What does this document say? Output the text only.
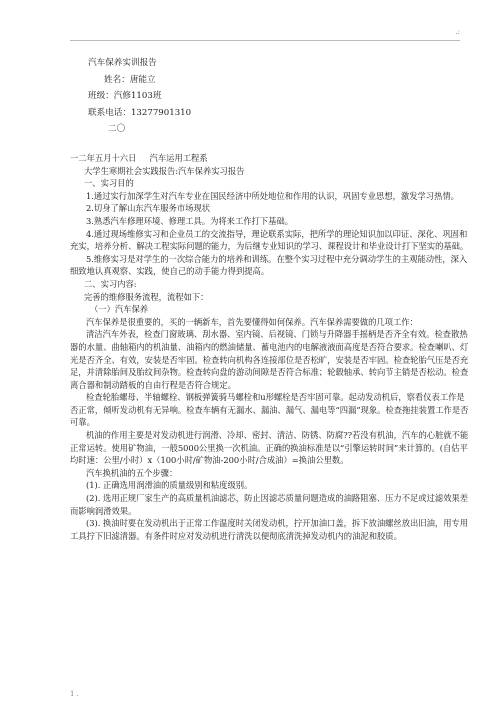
.:
汽车保养实训报告
姓名：唐能立
班级：汽修1103班
联系电话：13277901310
二〇

一二年五月十六日     汽车运用工程系

大学生寒期社会实践报告:汽车保养实习报告

一、实习目的

1.通过实行加深学生对汽车专业在国民经济中所处地位和作用的认识，巩固专业思想，激发学习热情。

2.切身了解山东汽车服务市场现状

3.熟悉汽车修理环境、修理工具。为将来工作打下基础。

4.通过现场维修实习和企业员工的交流指导，理论联系实际，把所学的理论知识加以印证、深化、巩固和充实，培养分析、解决工程实际问题的能力，为后继专业知识的学习、课程设计和毕业设计打下坚实的基础。

5.维修实习是对学生的一次综合能力的培养和训练。在整个实习过程中充分调动学生的主观能动性，深入细致地认真观察、实践，使自己的动手能力得到提高。

二、实习内容:

完善的维修服务流程，流程如下：

（一）汽车保养

汽车保养是很重要的，买的一辆新车，首先要懂得如何保养。汽车保养需要做的几项工作：

清洁汽车外表，检查门窗玻璃、刮水器、室内镜、后视镜、门锁与升降器手摇柄是否齐全有效。检查散热器的水量、曲轴箱内的机油量、油箱内的燃油储量、蓄电池内的电解液液面高度是否符合要求。检查喇叭、灯光是否齐全、有效，安装是否牢固。检查转向机构各连接部位是否松旷，安装是否牢固。检查轮胎气压是否充足，并清除胎间及胎纹间杂物。检查转向盘的游动间隙是否符合标准；轮毂轴承、转向节主销是否松动。检查离合器和制动踏板的自由行程是否符合规定。

检查轮胎螺母、半轴螺栓、钢板弹簧骑马螺栓和u形螺栓是否牢固可靠。起动发动机后，察看仪表工作是否正常，倾听发动机有无异响。检查车辆有无漏水、漏油、漏气、漏电等“四漏”现象。检查拖挂装置工作是否可靠。

机油的作用主要是对发动机进行润滑、冷却、密封、清洁、防锈、防腐??若没有机油，汽车的心脏就不能正常运转。使用矿物油，一般5000公里换一次机油。正确的换油标准是以“引擎运转时间”来计算的。(自估平均时速：公里/小时）x（100小时/矿物油-200小时/合成油）=换油公里数。

汽车换机油的五个步骤：

(1). 正确选用润滑油的质量级别和粘度级别。

(2). 选用正规厂家生产的高质量机油滤芯，防止因滤芯质量问题造成的油路阻塞、压力不足或过滤效果差而影响润滑效果。

(3). 换油时要在发动机出于正常工作温度时关闭发动机，拧开加油口盖，拆下放油螺丝放出旧油，用专用工具拧下旧滤清器。有条件时应对发动机进行清洗以便彻底清洗掉发动机内的油泥和胶质。

1 .
